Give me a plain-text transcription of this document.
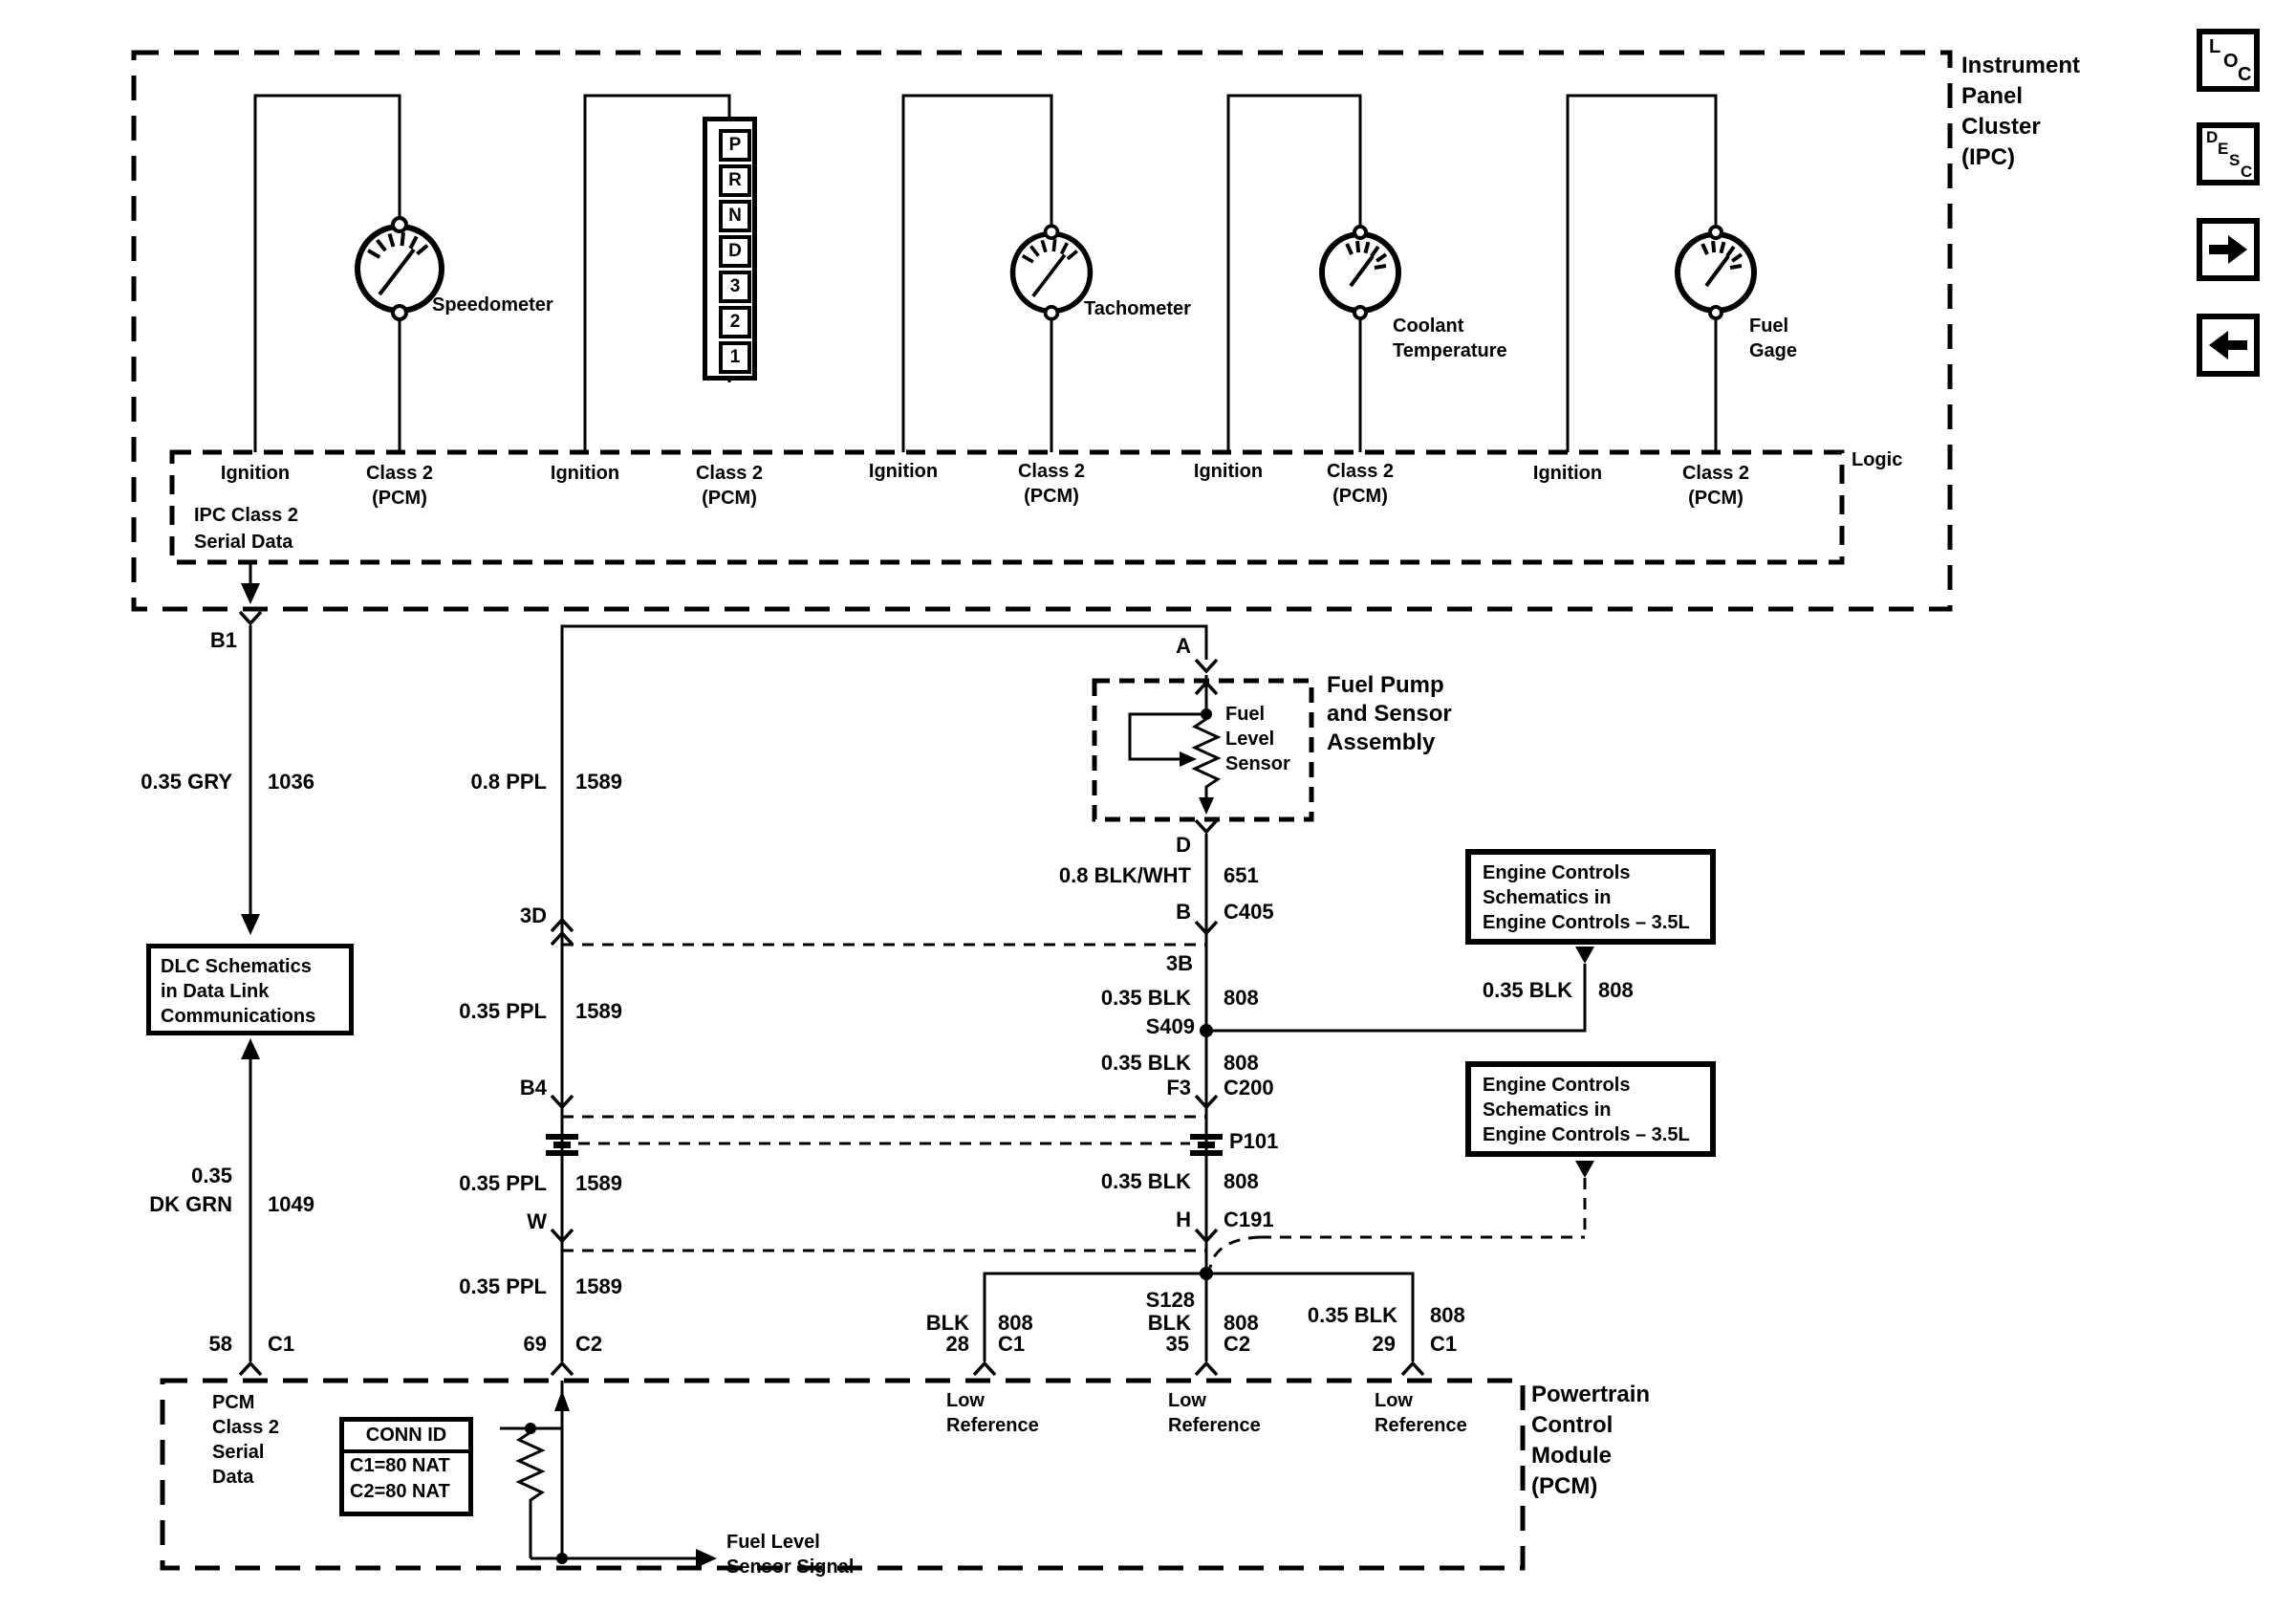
L
O
C
D
E
S
C
P
R
N
D
3
2
1
Instrument
Panel
Cluster
(IPC)
Logic
Speedometer	Tachometer
Coolant
Temperature
Fuel
Gage
Ignition	Ignition	Ignition	Ignition	Ignition
Class 2
(PCM)
Class 2
(PCM)
Class 2
(PCM)
Class 2
(PCM)
Class 2
(PCM)
IPC Class 2
Serial Data
B1
0.35 GRY 1036
0.35
DK GRN 1049
58 C1
DLC Schematics
in Data Link
Communications
0.8 PPL 1589
3D
0.35 PPL 1589
B4
0.35 PPL 1589
W
0.35 PPL 1589
69 C2
A
Fuel
Level
Sensor
Fuel Pump
and Sensor
Assembly
D
0.8 BLK/WHT 651
B C405
3B
0.35 BLK 808
S409
0.35 BLK 808
0.35 BLK 808
F3 C200
P101
0.35 BLK 808
H C191
S128
BLK 808	BLK 808 0.35 BLK 808
28 C1	35 C2	29 C1
Low
Reference
Low
Reference
Low
Reference
Engine Controls
Schematics in
Engine Controls – 3.5L
Engine Controls
Schematics in
Engine Controls – 3.5L
Powertrain
Control
Module
(PCM)
PCM
Class 2
Serial
Data
CONN ID
C1=80 NAT
C2=80 NAT
Fuel Level
Sensor Signal
